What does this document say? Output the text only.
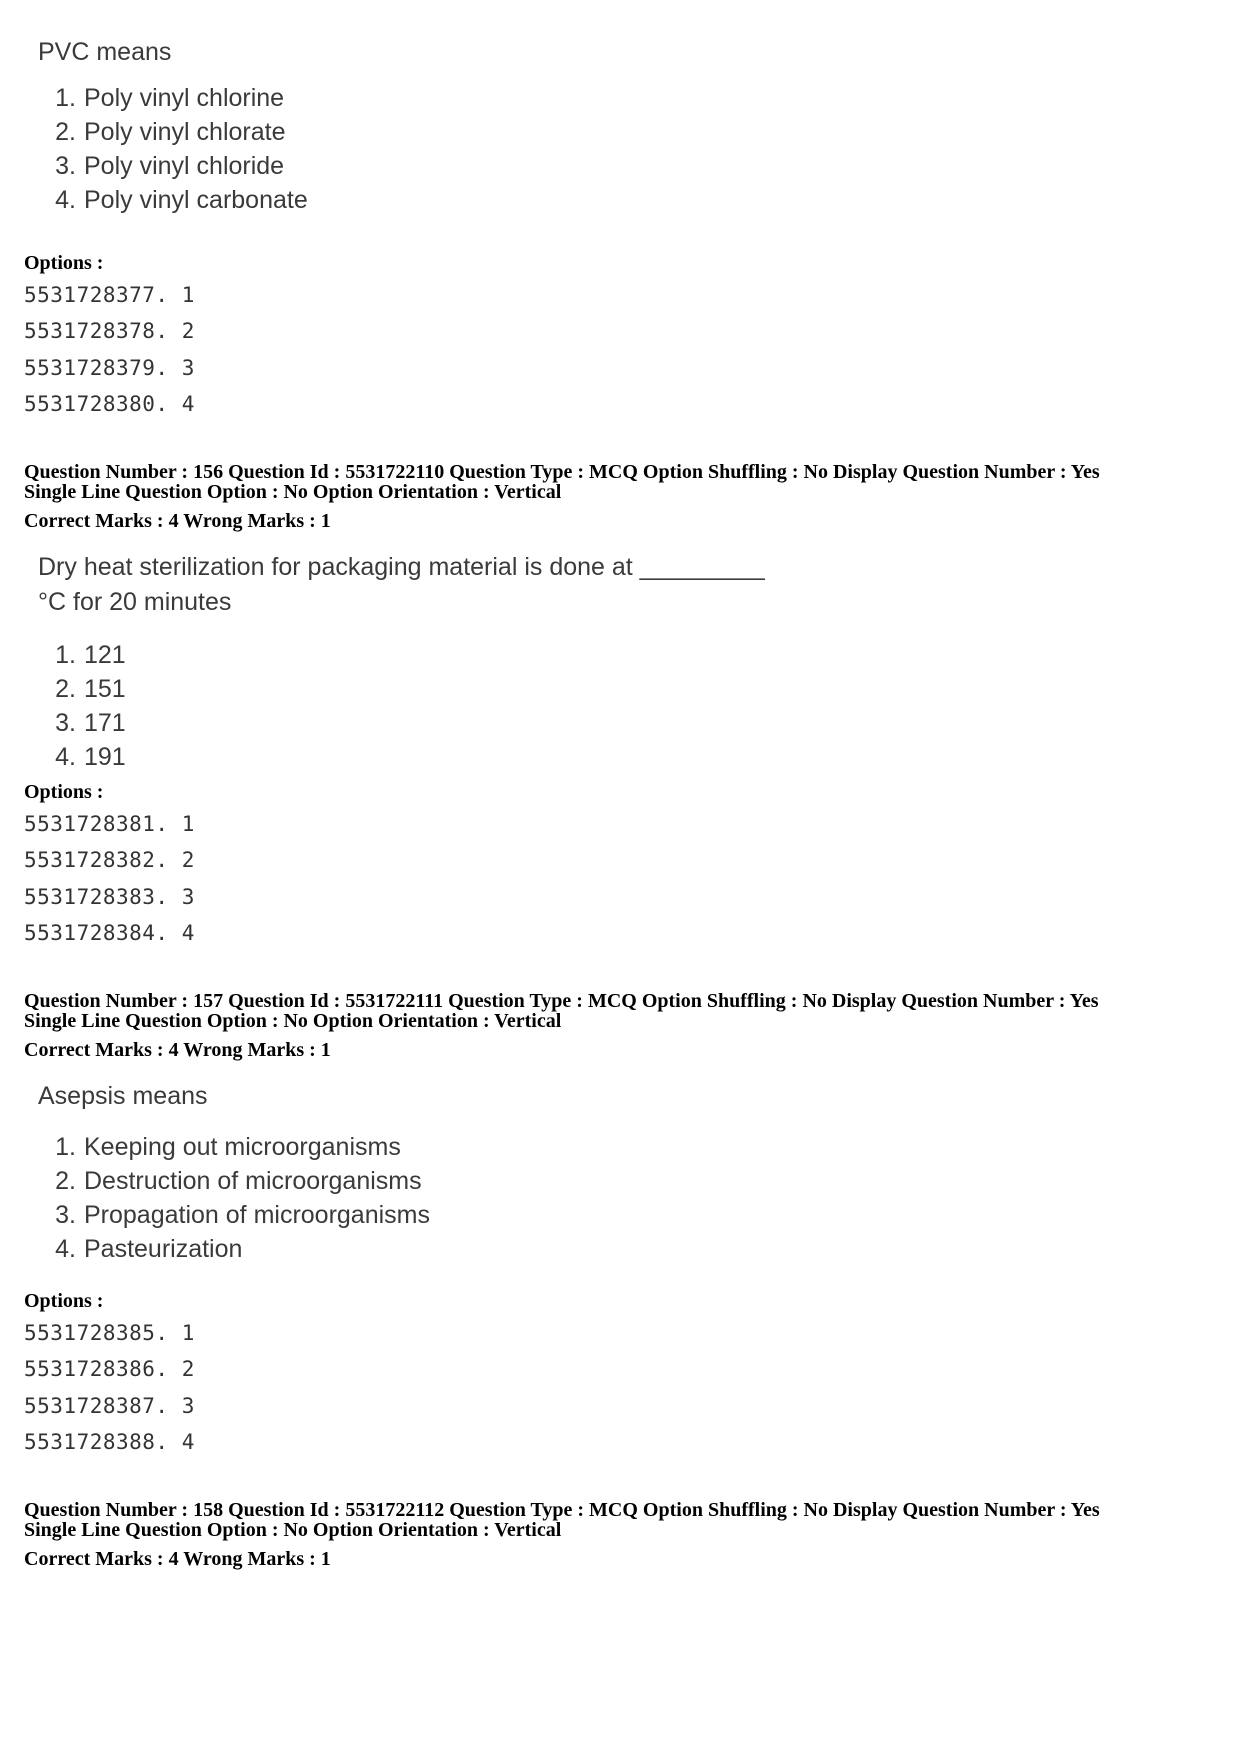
PVC means
1. Poly vinyl chlorine
2. Poly vinyl chlorate
3. Poly vinyl chloride
4. Poly vinyl carbonate
Options :
5531728377. 1
5531728378. 2
5531728379. 3
5531728380. 4
Question Number : 156 Question Id : 5531722110 Question Type : MCQ Option Shuffling : No Display Question Number : Yes
Single Line Question Option : No Option Orientation : Vertical
Correct Marks : 4 Wrong Marks : 1
Dry heat sterilization for packaging material is done at _________
°C for 20 minutes
1. 121
2. 151
3. 171
4. 191
Options :
5531728381. 1
5531728382. 2
5531728383. 3
5531728384. 4
Question Number : 157 Question Id : 5531722111 Question Type : MCQ Option Shuffling : No Display Question Number : Yes
Single Line Question Option : No Option Orientation : Vertical
Correct Marks : 4 Wrong Marks : 1
Asepsis means
1. Keeping out microorganisms
2. Destruction of microorganisms
3. Propagation of microorganisms
4. Pasteurization
Options :
5531728385. 1
5531728386. 2
5531728387. 3
5531728388. 4
Question Number : 158 Question Id : 5531722112 Question Type : MCQ Option Shuffling : No Display Question Number : Yes
Single Line Question Option : No Option Orientation : Vertical
Correct Marks : 4 Wrong Marks : 1
